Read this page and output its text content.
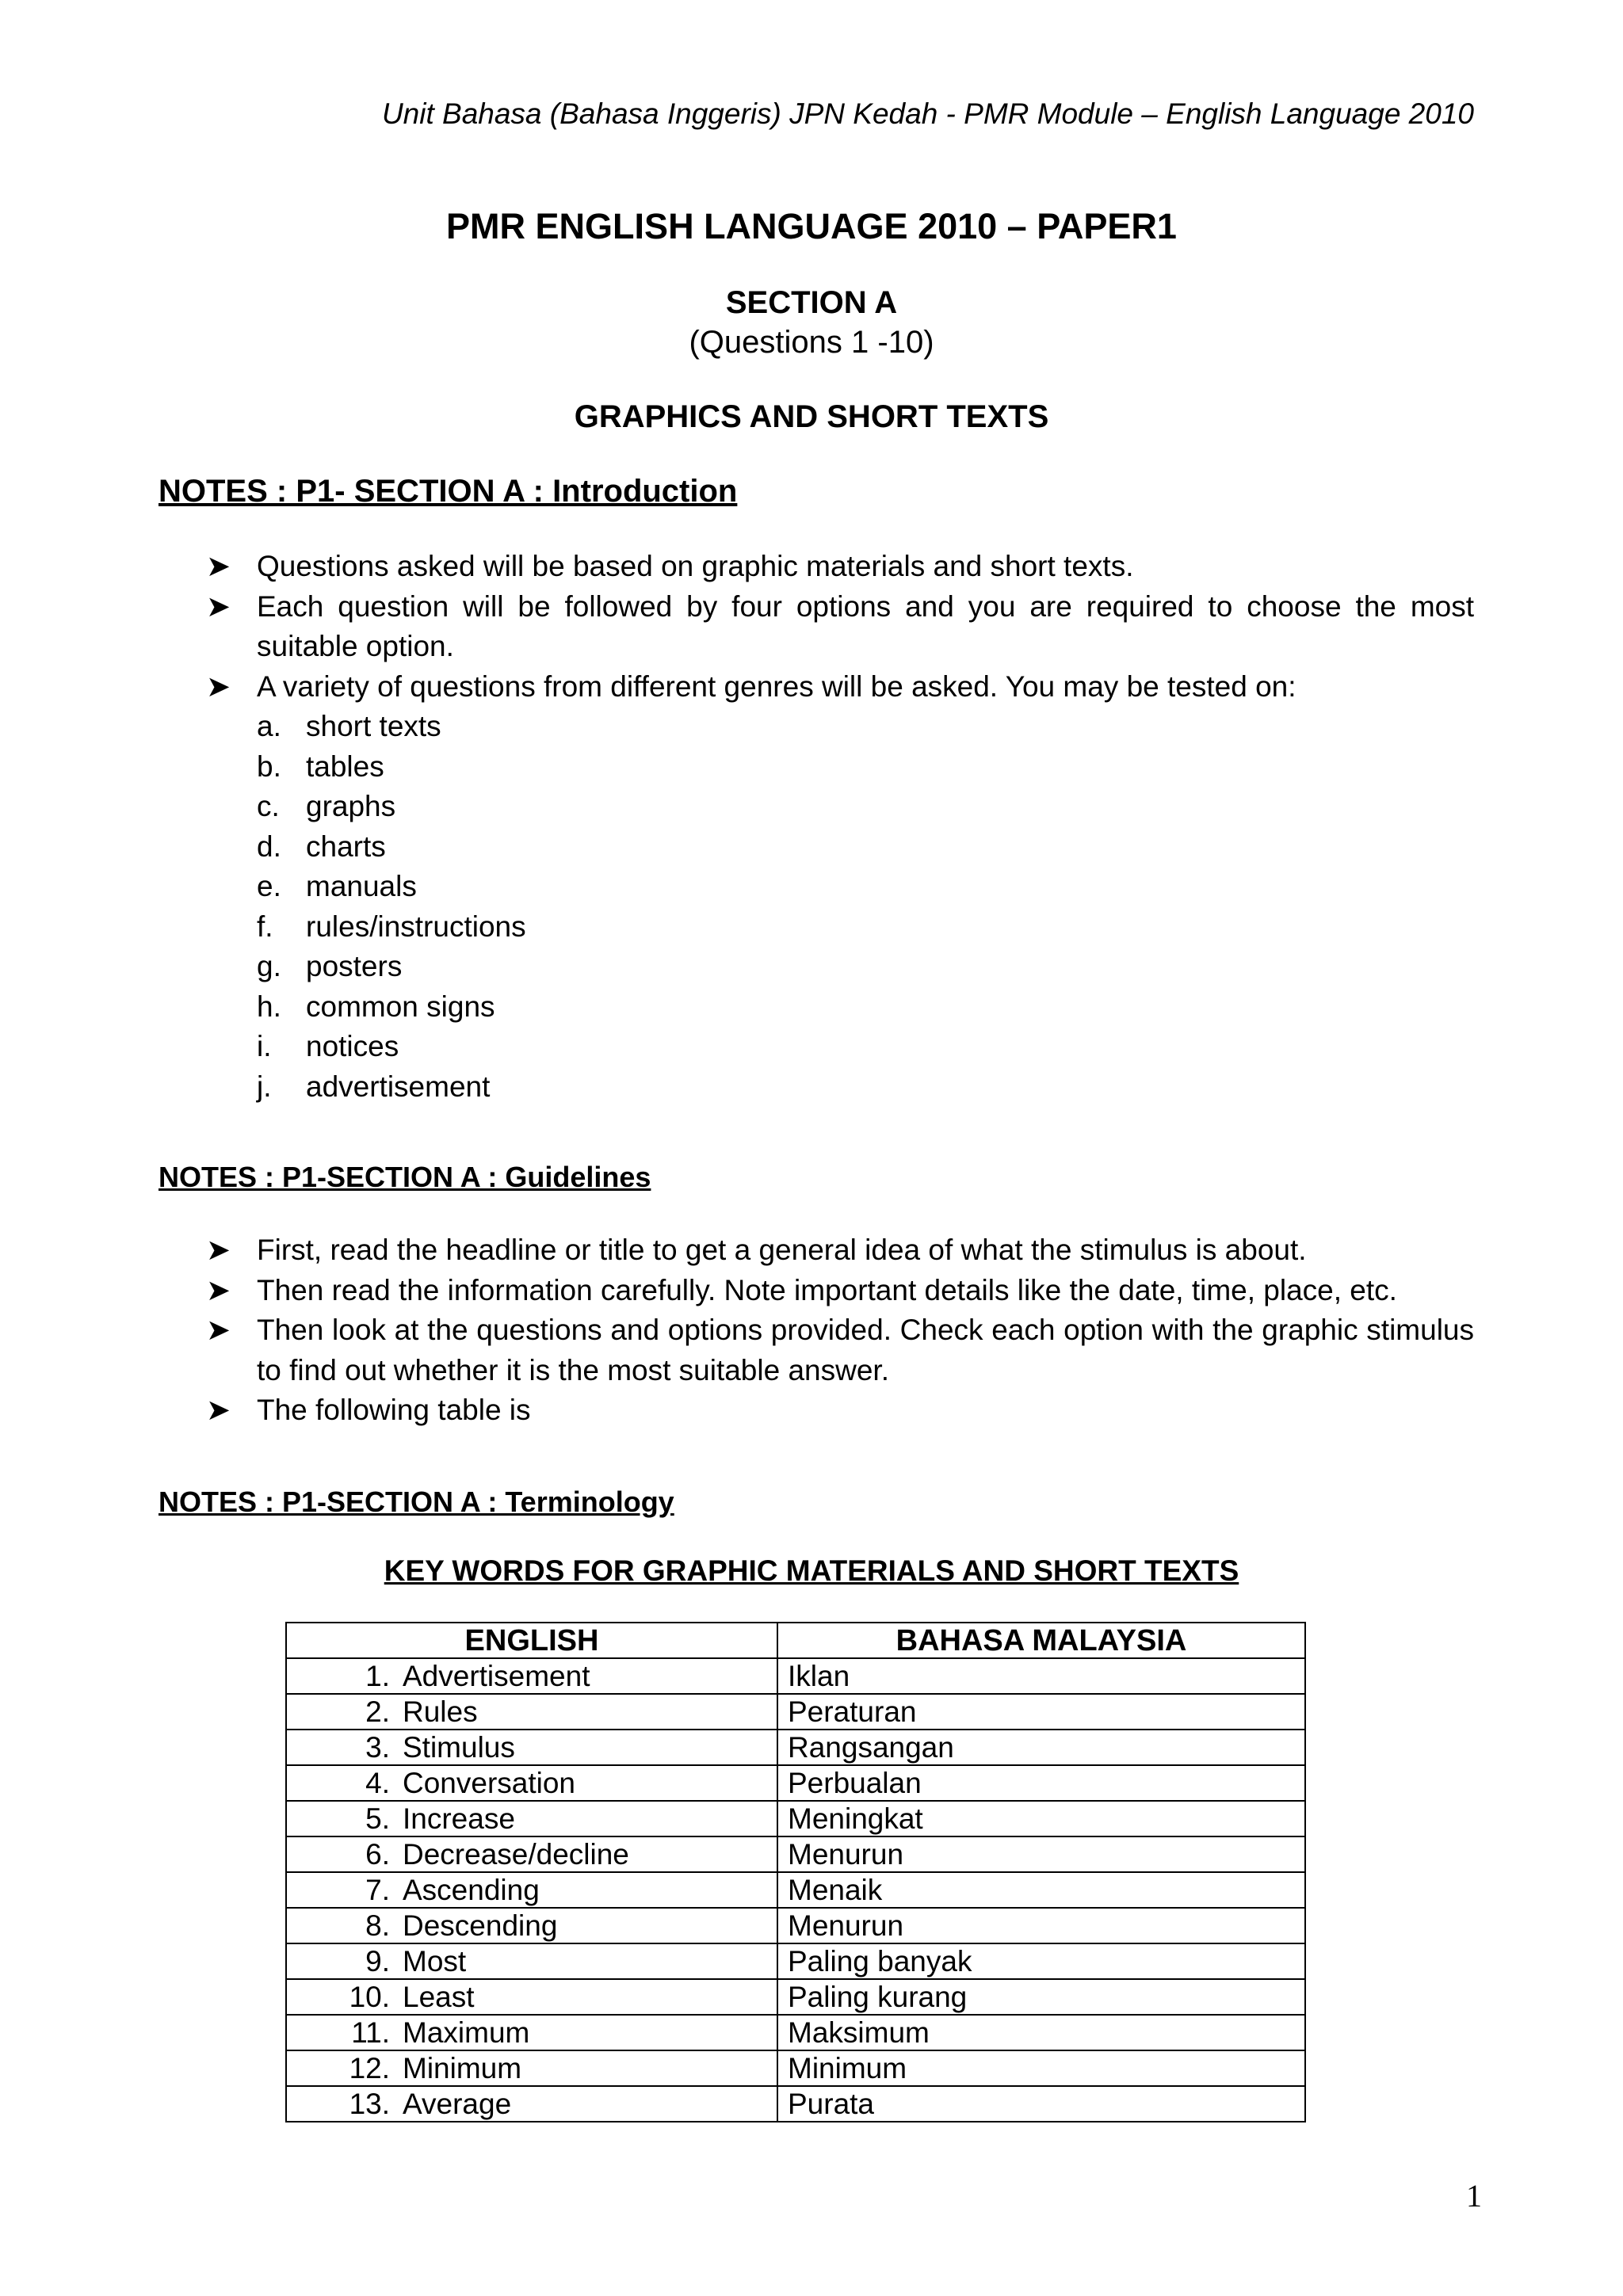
Unit Bahasa (Bahasa Inggeris) JPN Kedah - PMR Module – English Language 2010
PMR ENGLISH LANGUAGE 2010 – PAPER1
SECTION A
(Questions 1 -10)
GRAPHICS AND SHORT TEXTS
NOTES : P1- SECTION A : Introduction
➤ Questions asked will be based on graphic materials and short texts.
➤ Each question will be followed by four options and you are required to choose the most suitable option.
➤ A variety of questions from different genres will be asked. You may be tested on:
a. short texts
b. tables
c. graphs
d. charts
e. manuals
f. rules/instructions
g. posters
h. common signs
i. notices
j. advertisement
NOTES : P1-SECTION A : Guidelines
➤ First, read the headline or title to get a general idea of what the stimulus is about.
➤ Then read the information carefully. Note important details like the date, time, place, etc.
➤ Then look at the questions and options provided. Check each option with the graphic stimulus to find out whether it is the most suitable answer.
➤ The following table is
NOTES : P1-SECTION A : Terminology
KEY WORDS FOR GRAPHIC MATERIALS AND SHORT TEXTS
ENGLISH	BAHASA MALAYSIA
1. Advertisement	Iklan
2. Rules	Peraturan
3. Stimulus	Rangsangan
4. Conversation	Perbualan
5. Increase	Meningkat
6. Decrease/decline	Menurun
7. Ascending	Menaik
8. Descending	Menurun
9. Most	Paling banyak
10. Least	Paling kurang
11. Maximum	Maksimum
12. Minimum	Minimum
13. Average	Purata
1
